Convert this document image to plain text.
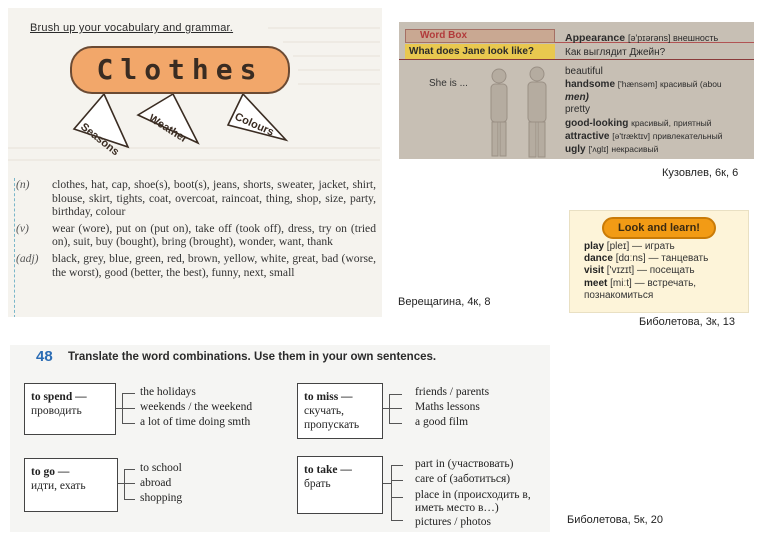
Seasons Weather	Colours
Brush up your vocabulary and grammar.
Clothes
(n)	clothes, hat, cap, shoe(s), boot(s), jeans, shorts, sweater, jacket, shirt, blouse, skirt, tights, coat, overcoat, raincoat, thing, shop, size, party, birthday, colour
(v)	wear (wore), put on (put on), take off (took off), dress, try on (tried on), suit, buy (bought), bring (brought), wonder, want, thank
(adj)	black, grey, blue, green, red, brown, yellow, white, great, bad (worse, the worst), good (better, the best), funny, next, small
Верещагина, 4к, 8
Word Box
What does Jane look like?
Appearance [ə'pɪərəns] внешность
Как выглядит Джейн?
She is ...
beautiful
handsome ['hænsəm] красивый (abou
men)
pretty
good-looking красивый, приятный
attractive [ə'træktɪv] привлекательный
ugly ['ʌglɪ] некрасивый
Кузовлев, 6к, 6
Look and learn!
play [pleɪ] — играть
dance [dɑːns] — танцевать
visit ['vɪzɪt] — посещать
meet [miːt] — встречать,
познакомиться
Биболетова, 3к, 13
48 Translate the word combinations. Use them in your own sentences.
to spend —
проводить
the holidays
weekends / the weekend
a lot of time doing smth
to miss —
скучать, пропускать
friends / parents
Maths lessons
a good film
to go —
идти, ехать
to school
abroad
shopping
to take —
брать
part in (участвовать)
care of (заботиться)
place in (происходить в,
иметь место в…)
pictures / photos	Биболетова, 5к, 20
